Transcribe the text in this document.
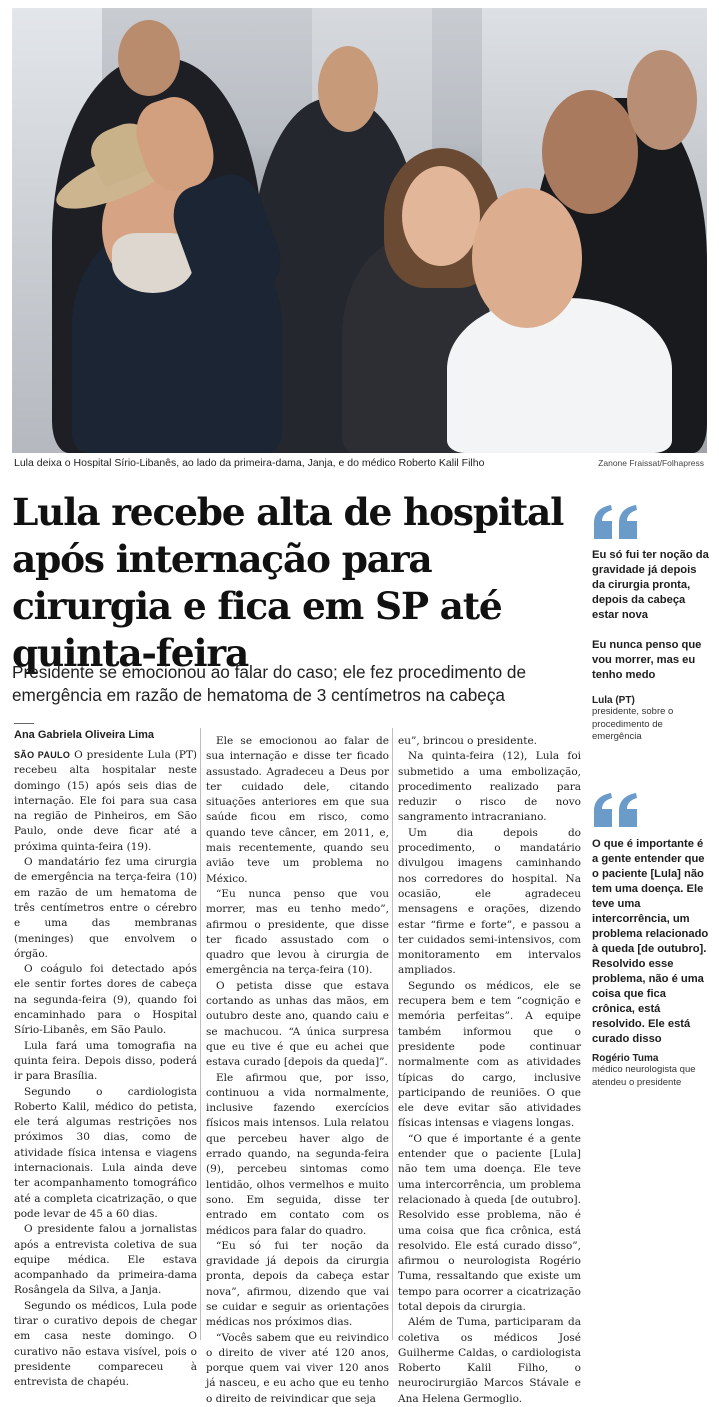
Lula deixa o Hospital Sírio-Libanês, ao lado da primeira-dama, Janja, e do médico Roberto Kalil Filho	Zanone Fraissat/Folhapress
Lula recebe alta de hospital após internação para cirurgia e fica em SP até quinta-feira

Presidente se emocionou ao falar do caso; ele fez procedimento de emergência em razão de hematoma de 3 centímetros na cabeça

Ana Gabriela Oliveira Lima

SÃO PAULO O presidente Lula (PT) recebeu alta hospitalar neste domingo (15) após seis dias de internação. Ele foi para sua casa na região de Pinheiros, em São Paulo, onde deve ficar até a próxima quinta-feira (19).

O mandatário fez uma cirurgia de emergência na terça-feira (10) em razão de um hematoma de três centímetros entre o cérebro e uma das membranas (meninges) que envolvem o órgão.

O coágulo foi detectado após ele sentir fortes dores de cabeça na segunda-feira (9), quando foi encaminhado para o Hospital Sírio-Libanês, em São Paulo.

Lula fará uma tomografia na quinta feira. Depois disso, poderá ir para Brasília.

Segundo o cardiologista Roberto Kalil, médico do petista, ele terá algumas restrições nos próximos 30 dias, como de atividade física intensa e viagens internacionais. Lula ainda deve ter acompanhamento tomográfico até a completa cicatrização, o que pode levar de 45 a 60 dias.

O presidente falou a jornalistas após a entrevista coletiva de sua equipe médica. Ele estava acompanhado da primeira-dama Rosângela da Silva, a Janja.

Segundo os médicos, Lula pode tirar o curativo depois de chegar em casa neste domingo. O curativo não estava visível, pois o presidente compareceu à entrevista de chapéu.

Ele se emocionou ao falar de sua internação e disse ter ficado assustado. Agradeceu a Deus por ter cuidado dele, citando situações anteriores em que sua saúde ficou em risco, como quando teve câncer, em 2011, e, mais recentemente, quando seu avião teve um problema no México.

“Eu nunca penso que vou morrer, mas eu tenho medo”, afirmou o presidente, que disse ter ficado assustado com o quadro que levou à cirurgia de emergência na terça-feira (10).

O petista disse que estava cortando as unhas das mãos, em outubro deste ano, quando caiu e se machucou. “A única surpresa que eu tive é que eu achei que estava curado [depois da queda]”.

Ele afirmou que, por isso, continuou a vida normalmente, inclusive fazendo exercícios físicos mais intensos. Lula relatou que percebeu haver algo de errado quando, na segunda-feira (9), percebeu sintomas como lentidão, olhos vermelhos e muito sono. Em seguida, disse ter entrado em contato com os médicos para falar do quadro.

“Eu só fui ter noção da gravidade já depois da cirurgia pronta, depois da cabeça estar nova”, afirmou, dizendo que vai se cuidar e seguir as orientações médicas nos próximos dias.

“Vocês sabem que eu reivindico o direito de viver até 120 anos, porque quem vai viver 120 anos já nasceu, e eu acho que eu tenho o direito de reivindicar que seja

eu”, brincou o presidente.

Na quinta-feira (12), Lula foi submetido a uma embolização, procedimento realizado para reduzir o risco de novo sangramento intracraniano.

Um dia depois do procedimento, o mandatário divulgou imagens caminhando nos corredores do hospital. Na ocasião, ele agradeceu mensagens e orações, dizendo estar “firme e forte”, e passou a ter cuidados semi-intensivos, com monitoramento em intervalos ampliados.

Segundo os médicos, ele se recupera bem e tem “cognição e memória perfeitas”. A equipe também informou que o presidente pode continuar normalmente com as atividades típicas do cargo, inclusive participando de reuniões. O que ele deve evitar são atividades físicas intensas e viagens longas.

“O que é importante é a gente entender que o paciente [Lula] não tem uma doença. Ele teve uma intercorrência, um problema relacionado à queda [de outubro]. Resolvido esse problema, não é uma coisa que fica crônica, está resolvido. Ele está curado disso”, afirmou o neurologista Rogério Tuma, ressaltando que existe um tempo para ocorrer a cicatrização total depois da cirurgia.

Além de Tuma, participaram da coletiva os médicos José Guilherme Caldas, o cardiologista Roberto Kalil Filho, o neurocirurgião Marcos Stávale e Ana Helena Germoglio.

Eu só fui ter noção da gravidade já depois da cirurgia pronta, depois da cabeça estar nova

Eu nunca penso que vou morrer, mas eu tenho medo

Lula (PT)

presidente, sobre o procedimento de emergência

O que é importante é a gente entender que o paciente [Lula] não tem uma doença. Ele teve uma intercorrência, um problema relacionado à queda [de outubro]. Resolvido esse problema, não é uma coisa que fica crônica, está resolvido. Ele está curado disso

Rogério Tuma

médico neurologista que atendeu o presidente
